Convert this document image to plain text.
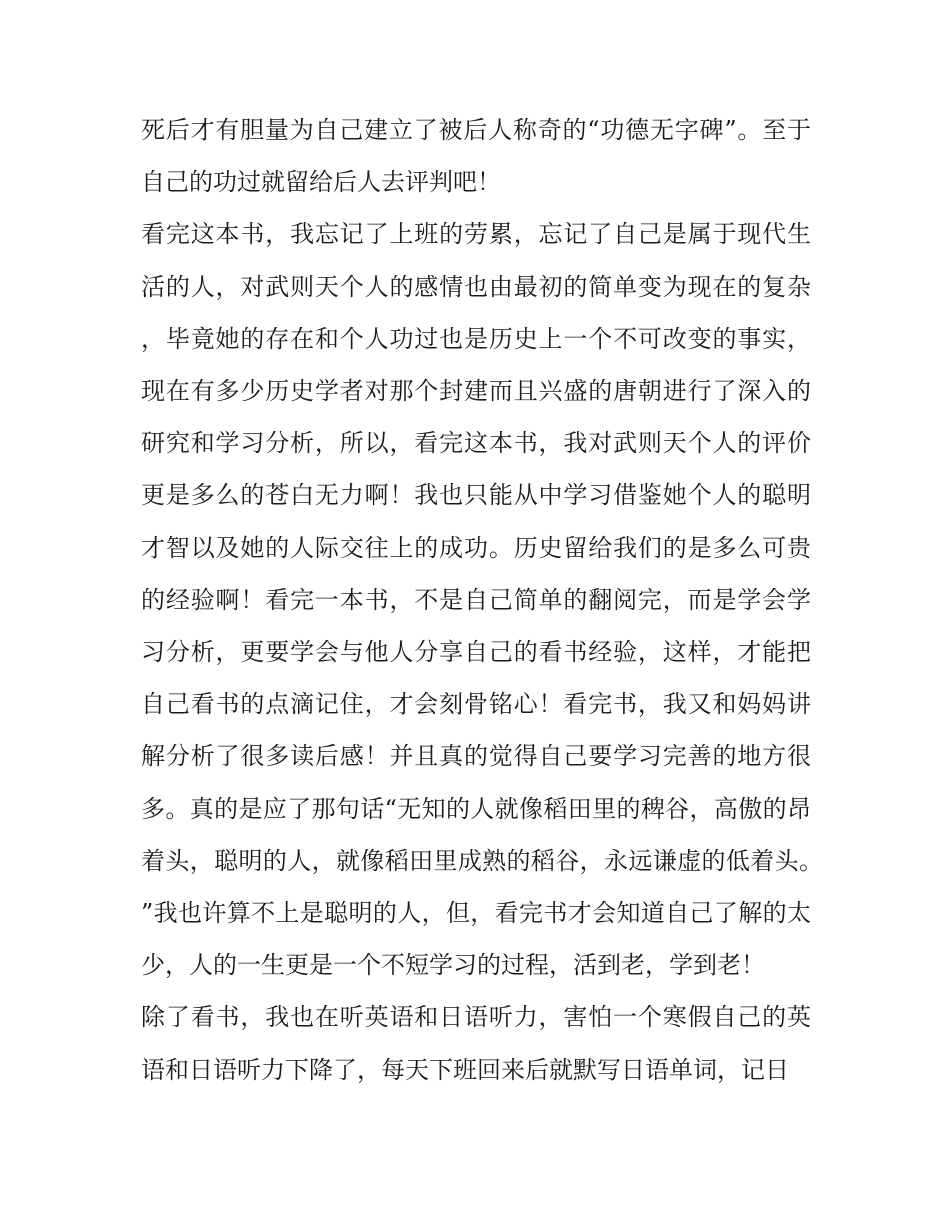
死后才有胆量为自己建立了被后人称奇的“功德无字碑”。至于自己的功过就留给后人去评判吧！

看完这本书，我忘记了上班的劳累，忘记了自己是属于现代生活的人，对武则天个人的感情也由最初的简单变为现在的复杂，毕竟她的存在和个人功过也是历史上一个不可改变的事实，现在有多少历史学者对那个封建而且兴盛的唐朝进行了深入的研究和学习分析，所以，看完这本书，我对武则天个人的评价更是多么的苍白无力啊！我也只能从中学习借鉴她个人的聪明才智以及她的人际交往上的成功。历史留给我们的是多么可贵的经验啊！看完一本书，不是自己简单的翻阅完，而是学会学习分析，更要学会与他人分享自己的看书经验，这样，才能把自己看书的点滴记住，才会刻骨铭心！看完书，我又和妈妈讲解分析了很多读后感！并且真的觉得自己要学习完善的地方很多。真的是应了那句话“无知的人就像稻田里的稗谷，高傲的昂着头，聪明的人，就像稻田里成熟的稻谷，永远谦虚的低着头。”我也许算不上是聪明的人，但，看完书才会知道自己了解的太少，人的一生更是一个不短学习的过程，活到老，学到老！

除了看书，我也在听英语和日语听力，害怕一个寒假自己的英语和日语听力下降了，每天下班回来后就默写日语单词，记日
